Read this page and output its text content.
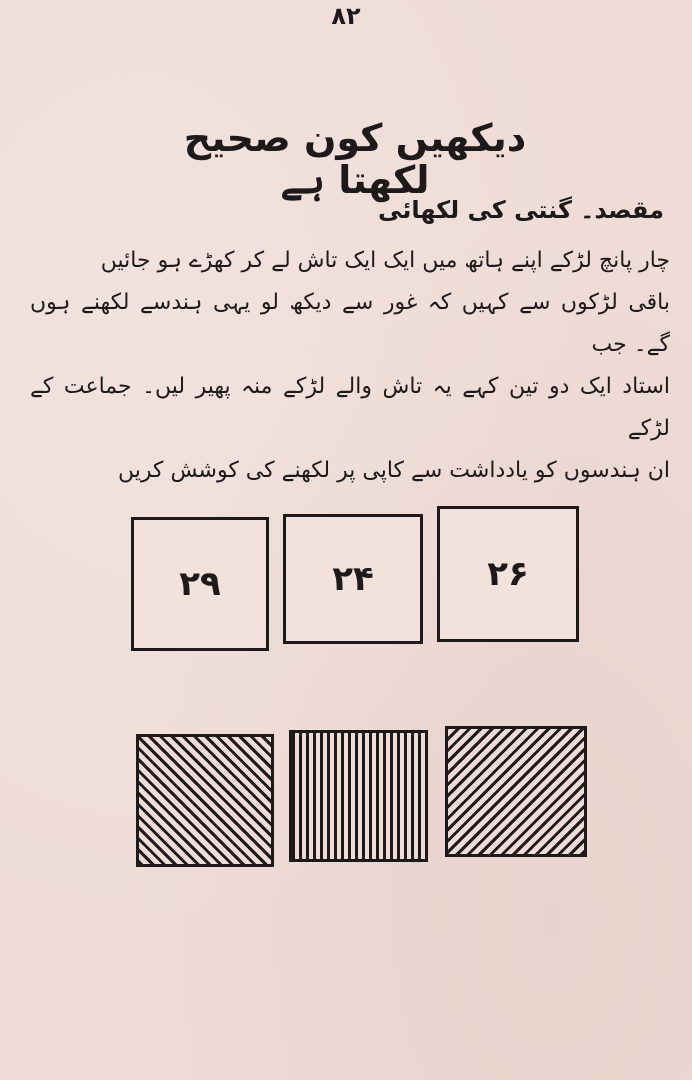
۸۲
دیکھیں کون صحیح لکھتا ہے
مقصد۔ گنتی کی لکھائی

چار پانچ لڑکے اپنے ہاتھ میں ایک ایک تاش لے کر کھڑے ہو جائیں

باقی لڑکوں سے کہیں کہ غور سے دیکھ لو یہی ہندسے لکھنے ہوں گے۔ جب

استاد ایک دو تین کہے یہ تاش والے لڑکے منہ پھیر لیں۔ جماعت کے لڑکے

ان ہندسوں کو یادداشت سے کاپی پر لکھنے کی کوشش کریں

۲۹	۲۴	۲۶
